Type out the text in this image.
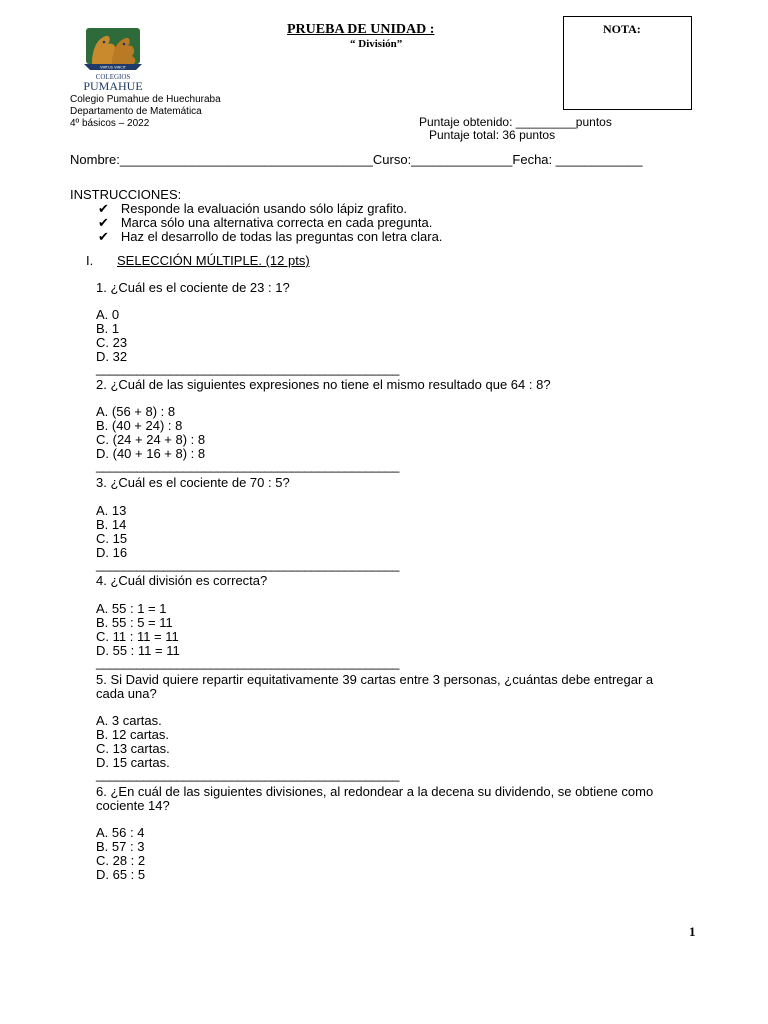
PRUEBA DE UNIDAD :
“ División”
NOTA:
VIRTUS VINCIT
COLEGIOS
PUMAHUE
Colegio Pumahue de Huechuraba
Departamento de Matemática
4º básicos – 2022	Puntaje obtenido: _________puntos
Puntaje total: 36 puntos
Nombre:___________________________________Curso:______________Fecha: ____________
INSTRUCCIONES:
✔ Responde la evaluación usando sólo lápiz grafito.
✔ Marca sólo una alternativa correcta en cada pregunta.
✔ Haz el desarrollo de todas las preguntas con letra clara.
I. SELECCIÓN MÚLTIPLE. (12 pts)
1. ¿Cuál es el cociente de 23 : 1?
A. 0
B. 1
C. 23
D. 32
_____________________________________________
2. ¿Cuál de las siguientes expresiones no tiene el mismo resultado que 64 : 8?
A. (56 + 8) : 8
B. (40 + 24) : 8
C. (24 + 24 + 8) : 8
D. (40 + 16 + 8) : 8
_____________________________________________
3. ¿Cuál es el cociente de 70 : 5?
A. 13
B. 14
C. 15
D. 16
_____________________________________________
4. ¿Cuál división es correcta?
A. 55 : 1 = 1
B. 55 : 5 = 11
C. 11 : 11 = 11
D. 55 : 11 = 11
_____________________________________________
5. Si David quiere repartir equitativamente 39 cartas entre 3 personas, ¿cuántas debe entregar a cada una?
A. 3 cartas.
B. 12 cartas.
C. 13 cartas.
D. 15 cartas.
_____________________________________________
6. ¿En cuál de las siguientes divisiones, al redondear a la decena su dividendo, se obtiene como cociente 14?
A. 56 : 4
B. 57 : 3
C. 28 : 2
D. 65 : 5
1
